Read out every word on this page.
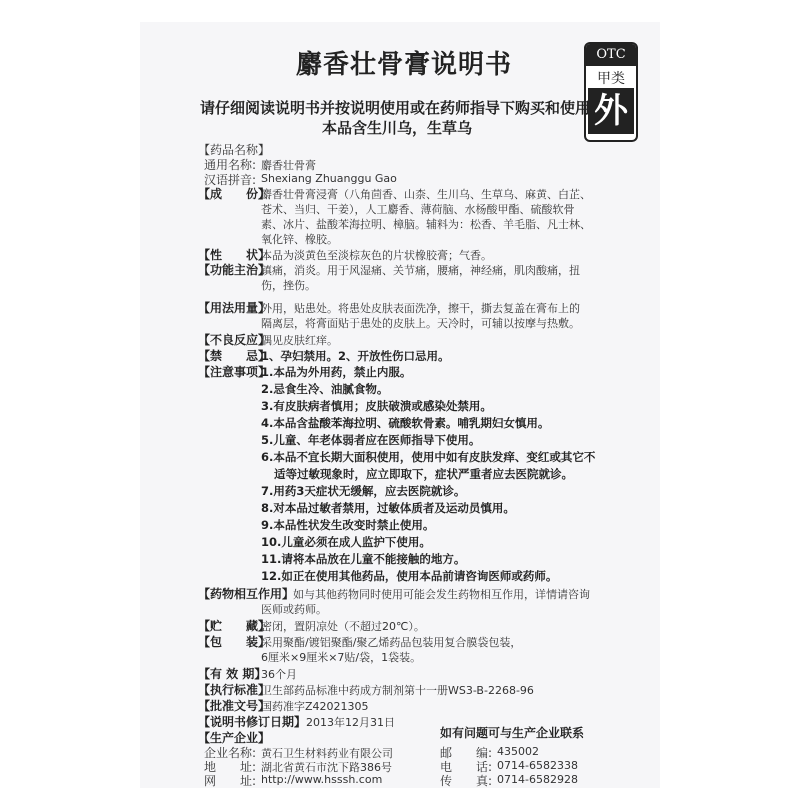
麝香壮骨膏说明书	OTC
甲类
外
请仔细阅读说明书并按说明使用或在药师指导下购买和使用。
本品含生川乌，生草乌
【药品名称】
通用名称: 麝香壮骨膏
汉语拼音: Shexiang Zhuanggu Gao
【成　　份】
麝香壮骨膏浸膏（八角茴香、山柰、生川乌、生草乌、麻黄、白芷、
苍术、当归、干姜），人工麝香、薄荷脑、水杨酸甲酯、硫酸软骨
素、冰片、盐酸苯海拉明、樟脑。辅料为：松香、羊毛脂、凡士林、
氧化锌、橡胶。
【性　　状】
本品为淡黄色至淡棕灰色的片状橡胶膏；气香。
【功能主治】
镇痛，消炎。用于风湿痛、关节痛，腰痛，神经痛，肌肉酸痛，扭
伤，挫伤。
【用法用量】
外用，贴患处。将患处皮肤表面洗净，擦干，撕去复盖在膏布上的
隔离层，将膏面贴于患处的皮肤上。天冷时，可辅以按摩与热敷。
【不良反应】
偶见皮肤红痒。
【禁　　忌】
1、孕妇禁用。2、开放性伤口忌用。
【注意事项】
1.本品为外用药，禁止内服。
2.忌食生冷、油腻食物。
3.有皮肤病者慎用；皮肤破溃或感染处禁用。
4.本品含盐酸苯海拉明、硫酸软骨素。哺乳期妇女慎用。
5.儿童、年老体弱者应在医师指导下使用。
6.本品不宜长期大面积使用，使用中如有皮肤发痒、变红或其它不
适等过敏现象时，应立即取下，症状严重者应去医院就诊。
7.用药3天症状无缓解，应去医院就诊。
8.对本品过敏者禁用，过敏体质者及运动员慎用。
9.本品性状发生改变时禁止使用。
10.儿童必须在成人监护下使用。
11.请将本品放在儿童不能接触的地方。
12.如正在使用其他药品，使用本品前请咨询医师或药师。
【药物相互作用】
如与其他药物同时使用可能会发生药物相互作用，详情请咨询
医师或药师。
【贮　　藏】
密闭，置阴凉处（不超过20℃）。
【包　　装】
采用聚酯/镀铝聚酯/聚乙烯药品包装用复合膜袋包装，
6厘米×9厘米×7贴/袋，1袋装。
【有 效 期】
36个月
【执行标准】
卫生部药品标准中药成方制剂第十一册WS3-B-2268-96
【批准文号】
国药准字Z42021305
【说明书修订日期】 2013年12月31日
【生产企业】
企业名称: 黄石卫生材料药业有限公司
地　　址: 湖北省黄石市沈下路386号
邮　　编: 435002
电　　话: 0714-6582338
传　　真: 0714-6582928
网　　址: http://www.hsssh.com
如有问题可与生产企业联系
